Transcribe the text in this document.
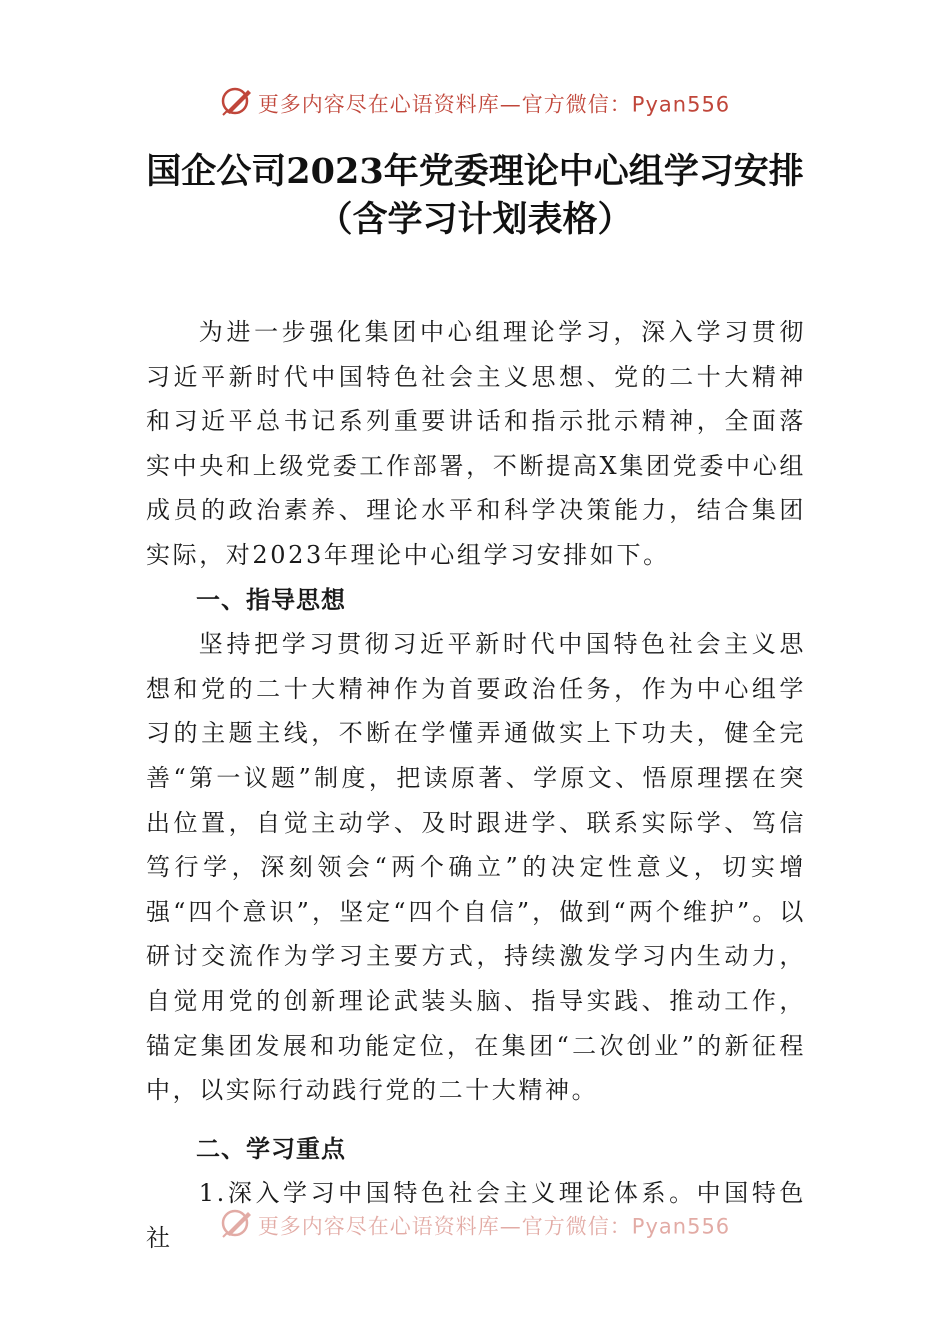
更多内容尽在心语资料库—官方微信：Pyan556
国企公司2023年党委理论中心组学习安排
（含学习计划表格）

为进一步强化集团中心组理论学习，深入学习贯彻习近平新时代中国特色社会主义思想、党的二十大精神和习近平总书记系列重要讲话和指示批示精神，全面落实中央和上级党委工作部署，不断提高X集团党委中心组成员的政治素养、理论水平和科学决策能力，结合集团实际，对2023年理论中心组学习安排如下。

一、指导思想

坚持把学习贯彻习近平新时代中国特色社会主义思想和党的二十大精神作为首要政治任务，作为中心组学习的主题主线，不断在学懂弄通做实上下功夫，健全完善“第一议题”制度，把读原著、学原文、悟原理摆在突出位置，自觉主动学、及时跟进学、联系实际学、笃信笃行学，深刻领会“两个确立”的决定性意义，切实增强“四个意识”，坚定“四个自信”，做到“两个维护”。以研讨交流作为学习主要方式，持续激发学习内生动力，自觉用党的创新理论武装头脑、指导实践、推动工作，锚定集团发展和功能定位，在集团“二次创业”的新征程中，以实际行动践行党的二十大精神。

二、学习重点

1.深入学习中国特色社会主义理论体系。中国特色社	更多内容尽在心语资料库—官方微信：Pyan556
